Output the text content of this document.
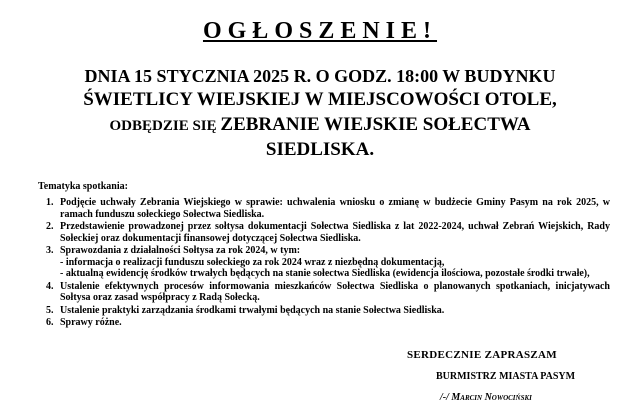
OGŁOSZENIE!
DNIA 15 STYCZNIA 2025 R. O GODZ. 18:00 W BUDYNKU
ŚWIETLICY WIEJSKIEJ W MIEJSCOWOŚCI OTOLE,
ODBĘDZIE SIĘ ZEBRANIE WIEJSKIE SOŁECTWA
SIEDLISKA.
Tematyka spotkania:
1. Podjęcie uchwały Zebrania Wiejskiego w sprawie: uchwalenia wniosku o zmianę w budżecie Gminy Pasym na rok 2025, w ramach funduszu sołeckiego Sołectwa Siedliska.
2. Przedstawienie prowadzonej przez sołtysa dokumentacji Sołectwa Siedliska z lat 2022-2024, uchwał Zebrań Wiejskich, Rady Sołeckiej oraz dokumentacji finansowej dotyczącej Sołectwa Siedliska.
3. Sprawozdania z działalności Sołtysa za rok 2024, w tym:
- informacja o realizacji funduszu sołeckiego za rok 2024 wraz z niezbędną dokumentacją,
- aktualną ewidencję środków trwałych będących na stanie sołectwa Siedliska (ewidencja ilościowa, pozostałe środki trwałe),
4. Ustalenie efektywnych procesów informowania mieszkańców Sołectwa Siedliska o planowanych spotkaniach, inicjatywach Sołtysa oraz zasad współpracy z Radą Sołecką.
5. Ustalenie praktyki zarządzania środkami trwałymi będących na stanie Sołectwa Siedliska.
6. Sprawy różne.
SERDECZNIE ZAPRASZAM
BURMISTRZ MIASTA PASYM
/-/ Marcin Nowociński
